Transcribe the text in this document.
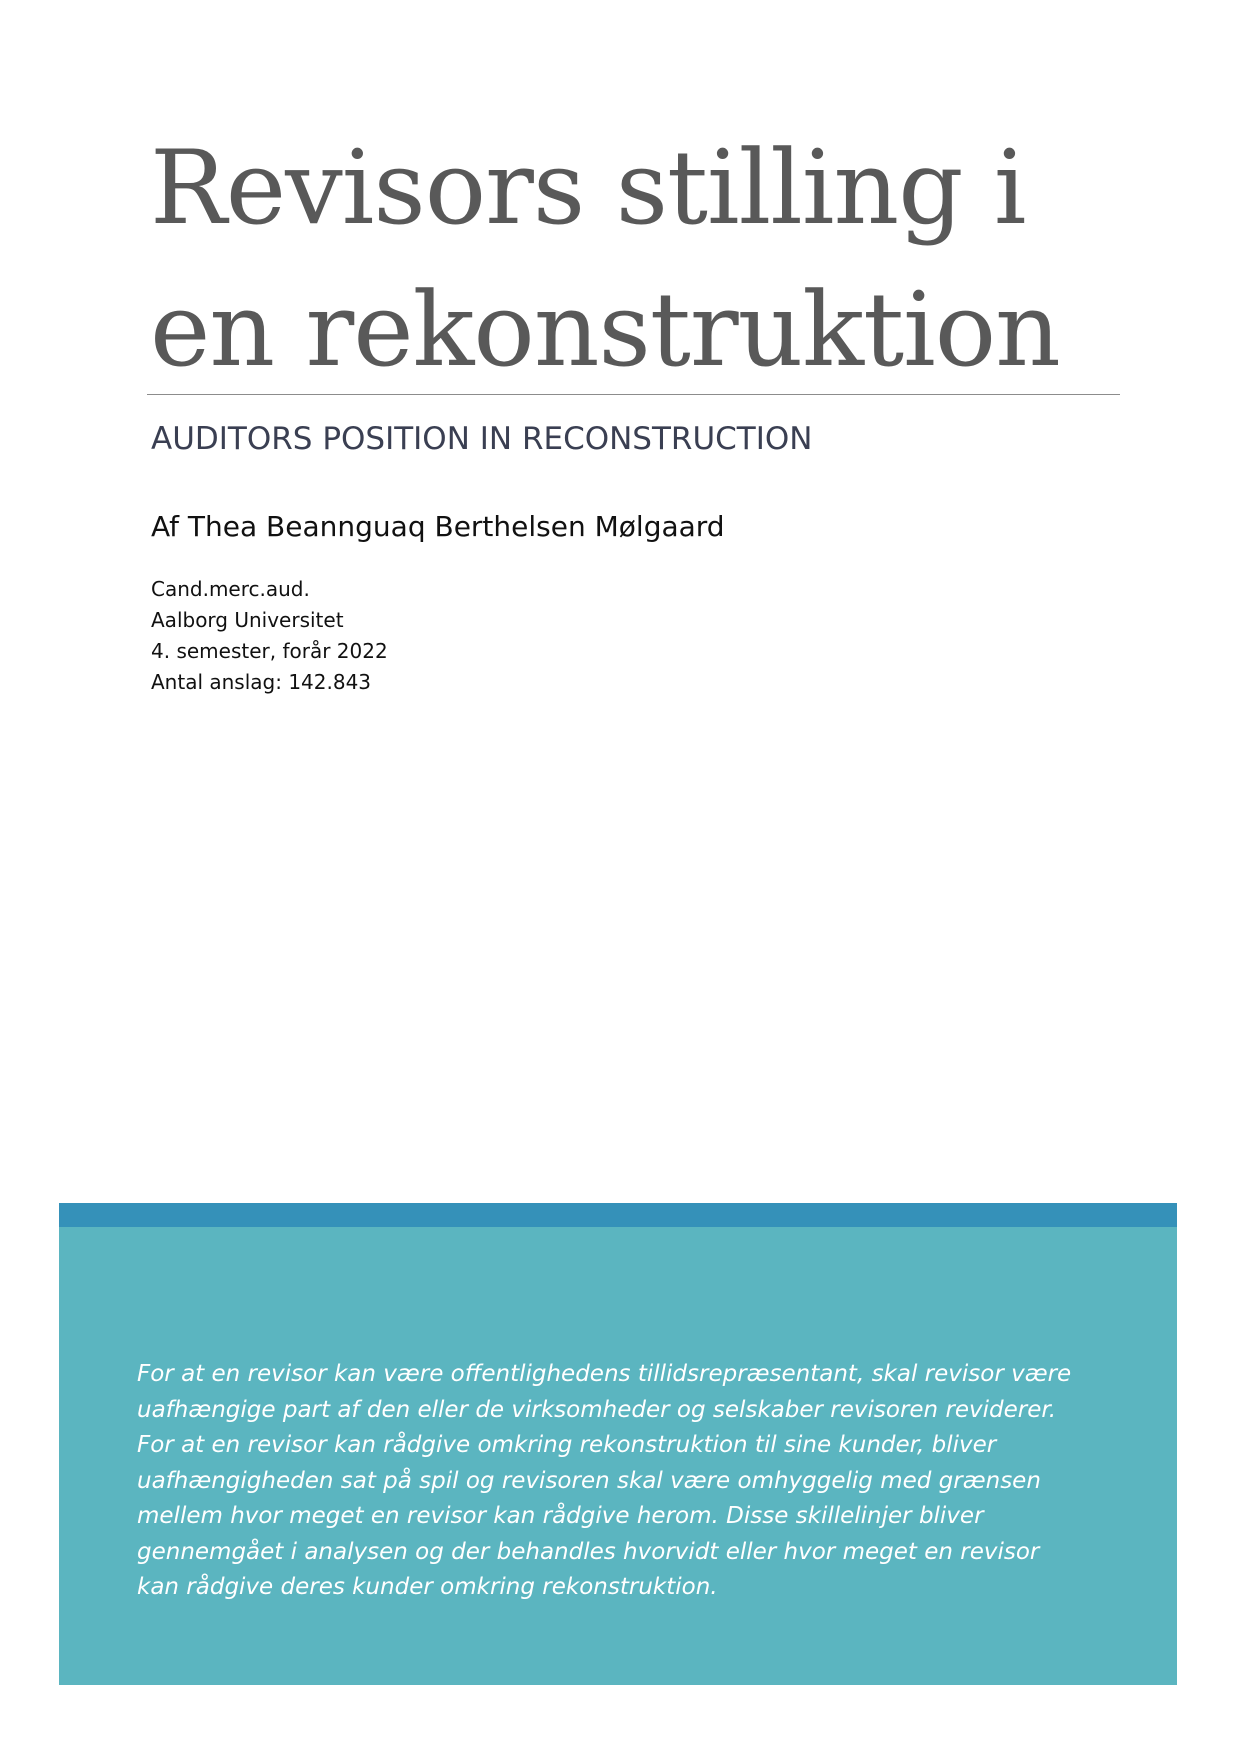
Revisors stilling i
en rekonstruktion
AUDITORS POSITION IN RECONSTRUCTION

Af Thea Beannguaq Berthelsen Mølgaard

Cand.merc.aud.
Aalborg Universitet
4. semester, forår 2022
Antal anslag: 142.843

For at en revisor kan være offentlighedens tillidsrepræsentant, skal revisor være
uafhængige part af den eller de virksomheder og selskaber revisoren reviderer.
For at en revisor kan rådgive omkring rekonstruktion til sine kunder, bliver
uafhængigheden sat på spil og revisoren skal være omhyggelig med grænsen
mellem hvor meget en revisor kan rådgive herom. Disse skillelinjer bliver
gennemgået i analysen og der behandles hvorvidt eller hvor meget en revisor
kan rådgive deres kunder omkring rekonstruktion.
